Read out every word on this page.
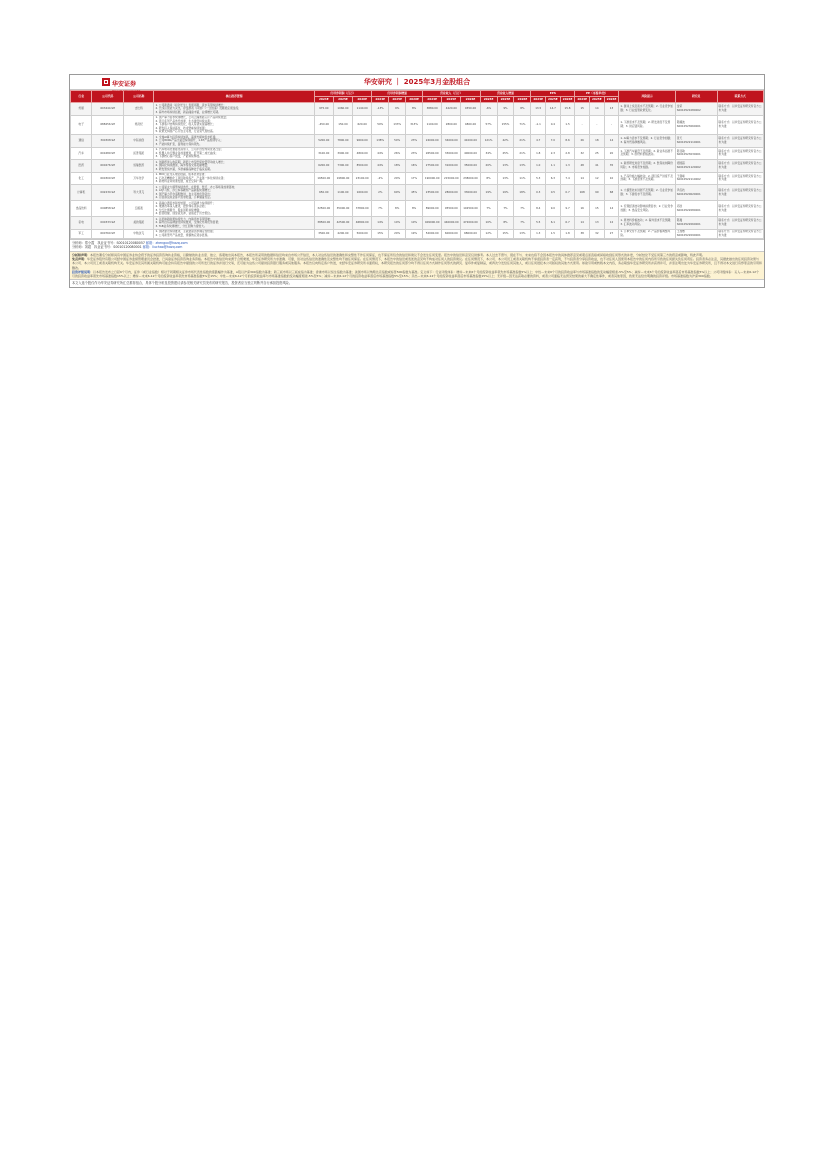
华安证券
HUAAN SECURITIES
华安研究 ｜ 2025年3月金股组合
行业	公司代码	公司名称	核心推荐逻辑	归母净利润（百万）			归母净利润增速			营业收入（百万）			营业收入增速			EPS			PE（市盈率/倍）			风险提示	研究员	联系方式
				2024E	2025E	2026E	2024E	2025E	2026E	2024E	2025E	2026E	2024E	2025E	2026E	2024E	2025E	2026E	2024E	2025E	2026E			
传媒	603444.SH	吉比特	1. 公司新游戏《问剑长生》表现亮眼，流水有望持续增长；
2. 长线运营能力突出，存量游戏《问道》《一念逍遥》贡献稳定现金流；
3. 海外市场持续拓展，新品储备丰富，业绩增长可期。	975.00	1060.00	1140.00	-13%	9%	8%	3880.00	4220.00	4550.00	-6%	9%	8%	13.5	14.7	15.8	15	14	13	1. 游戏上线及流水不及预期；2. 行业竞争加剧；3. 行业监管政策变化。	金荣
S0010521080002	联系方式：以华安证券研究所官方公布为准
电子	688256.SH	寒武纪	1. 国产算力需求快速增长，公司云端智能芯片产品持续放量；
2. 思元系列产品迭代加速，生态建设持续完善；
3. 下游客户结构持续优化，收入有望实现高增长；
4. 研发投入保持高位，技术壁垒持续加强；
5. 政策支持国产芯片自主可控，行业景气度较高。	-450.00	150.00	620.00	50%	133%	313%	1100.00	2800.00	4800.00	57%	155%	71%	-1.1	0.4	1.5	-	-	-	1. 下游需求不及预期；2. 研发进度不及预期；3. 供应链风险。	陈耀波
S0010523060001	联系方式：以华安证券研究所官方公布为准
通信	300308.SZ	中际旭创	1. 全球AI算力投资持续加码，高速光模块需求旺盛；
2. 公司800G产品出货量持续提升，1.6T产品加速导入；
3. 产能持续扩张，盈利能力保持领先。	5200.00	7800.00	9600.00	138%	50%	23%	24000.00	34000.00	41000.00	121%	42%	21%	4.7	7.0	8.6	26	18	14	1. AI算力需求不及预期；2. 行业竞争加剧；3. 海外贸易摩擦风险。	张天
S0010522110001	联系方式：以华安证券研究所官方公布为准
汽车	601689.SH	拓普集团	1. 汽车电动化智能化趋势下，公司平台型布局优势凸显；
2. 机器人执行器业务加速推进，打开第二成长曲线；
3. 下游核心客户放量，产能持续释放。	3100.00	3900.00	4800.00	44%	26%	23%	26500.00	33000.00	40000.00	34%	25%	21%	1.8	2.3	2.8	32	25	20	1. 下游汽车销量不及预期；2. 新业务拓展不及预期；3. 原材料价格波动。	陈佳敏
S0010523030001	联系方式：以华安证券研究所官方公布为准
医药	600276.SH	恒瑞医药	1. 创新药进入收获期，新药上市及医保放量带动收入增长；
2. 国际化持续推进，海外授权交易贡献增量；
3. 研发管线丰富，多款重磅品种处于临床后期。	6200.00	7300.00	8500.00	44%	18%	16%	27500.00	31000.00	35000.00	20%	13%	13%	1.0	1.1	1.3	48	41	35	1. 新药研发进度不及预期；2. 医保谈判降价风险；3. 市场竞争加剧。	谭国超
S0010521120002	联系方式：以华安证券研究所官方公布为准
化工	600309.SH	万华化学	1. MDI行业龙头地位稳固，成本优势显著；
2. 石化及精细化工项目陆续投产，产业链一体化持续完善；
3. 新材料业务快速发展，成长空间广阔。	16500.00	19800.00	23100.00	-2%	20%	17%	190000.00	215000.00	238000.00	8%	13%	11%	5.3	6.3	7.4	14	12	10	1. 产品价格大幅波动；2. 项目投产进度不及预期；3. 下游需求不及预期。	王强峰
S0010522110002	联系方式：以华安证券研究所官方公布为准
计算机	002230.SZ	科大讯飞	1. 公司星火大模型持续迭代，在教育、医疗、办公等场景加速落地；
2. AI学习机、办公本等硬件产品销售快速增长；
3. 国产算力平台适配推进，自主可控优势突出；
4. 运营商及政企客户需求旺盛，订单储备充足。	650.00	1100.00	1600.00	2%	69%	45%	23500.00	28000.00	33000.00	19%	19%	18%	0.3	0.5	0.7	168	99	68	1. 大模型技术进展不及预期；2. 行业竞争加剧；3. 下游需求不及预期。	尹沿技
S0010520020001	联系方式：以华安证券研究所官方公布为准
食品饮料	000858.SZ	五粮液	1. 高端白酒需求韧性较强，公司品牌力持续提升；
2. 渠道改革深入推进，批价体系逐步企稳；
3. 分红比例提升，股东回报持续增强；
4. 经营稳健，现金流充沛，估值处于历史低位。	32500.00	35000.00	37800.00	7%	8%	8%	89000.00	95500.00	102500.00	7%	7%	7%	8.4	9.0	9.7	16	15	14	1. 宏观经济波动影响消费需求；2. 行业竞争加剧；3. 食品安全风险。	邓欣
S0010522080001	联系方式：以华安证券研究所官方公布为准
家电	000333.SZ	美的集团	1. 以旧换新政策持续发力，内销需求有望回暖；
2. 海外自有品牌建设持续推进，全球化布局优势显著；
3. ToB业务快速增长，分红回购力度较大。	38500.00	42500.00	46800.00	14%	10%	10%	409000.00	440000.00	472000.00	10%	8%	7%	5.5	6.1	6.7	14	13	12	1. 原材料价格波动；2. 海外需求不及预期；3. 汇率波动风险。	陈晨
S0010522060001	联系方式：以华安证券研究所官方公布为准
军工	600760.SH	中航沈飞	1. 国防建设持续推进，主战装备需求确定性较强；
2. 公司新型号产品放量，规模效应逐步显现。	3500.00	4200.00	5000.00	15%	20%	19%	52000.00	60000.00	68000.00	12%	15%	13%	1.3	1.5	1.8	38	32	27	1. 订单交付不及预期；2. 产品价格调整风险。	王加煨
S0010522090001	联系方式：以华安证券研究所官方公布为准
分析师：郑小霞 执业证书号：S0010120080057 邮箱：zhengxx@hazq.com
分析师：刘超 执业证书号：S0010120080001 邮箱：liuchao@hazq.com
分析师声明：本报告署名分析师具有中国证券业协会授予的证券投资咨询执业资格，以勤勉的执业态度、独立、客观地出具本报告，本报告所采用的数据和信息均来自市场公开信息，本人对这些信息的准确性和完整性不作任何保证，也不保证所包含的信息和建议不会发生任何变更。报告中的信息和意见仅供参考。本人过去不曾与、现在不与、未来也将不会因本报告中的具体推荐意见或观点而直接或间接收到任何形式的补偿，分析结论不受任何第三方的授意或影响，特此声明。
免责声明：华安证券股份有限公司经中国证券监督管理委员会批准，已具备证券投资咨询业务资格。本报告中的信息均来源于合规渠道，华安证券研究所力求准确、可靠，但对这些信息的准确性及完整性均不做任何保证。在任何情况下，本报告中的信息或表述的意见均不构成对任何人的投资建议。在任何情况下，本公司、本公司员工或者关联机构不承诺投资者一定获利，不与投资者分享投资收益，也不对任何人因使用本报告中的任何内容所引致的任何损失负任何责任。投资者务必注意，其据此做出的任何投资决策与本公司、本公司员工或者关联机构无关。华安证券及其所属关联机构可能会持有报告中提到的公司所发行的证券并进行交易，还可能为这些公司提供投资银行服务或其他服务。本报告仅向特定客户传送，未经华安证券研究所书面授权，本研究报告的任何部分均不得以任何方式制作任何形式的拷贝、复印件或复制品，或再次分发给任何其他人，或以任何侵犯本公司版权的其他方式使用。如欲引用或转载本文内容，务必联络华安证券研究所并获得许可，并需注明出处为华安证券研究所，且不得对本文进行有悖原意的引用和删改。
投资评级说明：以本报告发布之日起6个月内，证券（或行业指数）相对于同期相关证券市场代表性指数的涨跌幅作为基准，A股以沪深300指数为基准；新三板市场以三板成指为基准；香港市场以恒生指数为基准；美国市场以纳斯达克指数或标普500指数为基准。定义如下：行业评级体系：增持—未来6个月的投资收益率领先市场基准指数5%以上；中性—未来6个月的投资收益率与市场基准指数的变动幅度相差-5%至5%；减持—未来6个月的投资收益率落后市场基准指数5%以上；公司评级体系：买入—未来6-12个月的投资收益率领先市场基准指数15%以上；增持—未来6-12个月的投资收益率领先市场基准指数5%至15%；中性—未来6-12个月的投资收益率与市场基准指数的变动幅度相差-5%至5%；减持—未来6-12个月的投资收益率落后市场基准指数5%至15%；卖出—未来6-12个月的投资收益率落后市场基准指数15%以上；无评级—因无法获取必要的资料，或者公司面临无法预见结果的重大不确定性事件，或者其他原因，致使无法给出明确的投资评级。市场基准指数为沪深300指数。
本文入选个股仅作为华安证券研究所汇总推荐组合，具体个股分析及投资建议请参见相关研究员发布的研究报告，投资者应当独立判断并自行承担投资风险。
